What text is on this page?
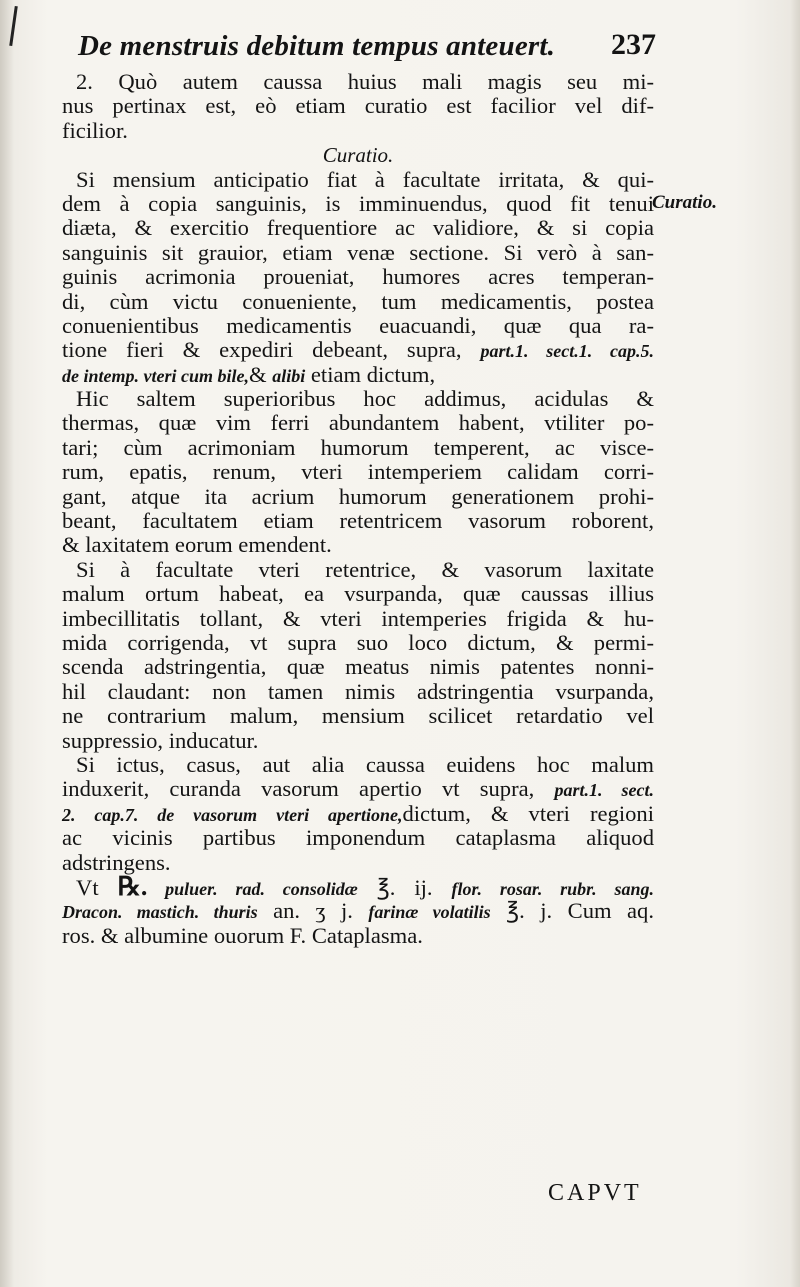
De menstruis debitum tempus anteuert. 237
Curatio.
2. Quò autem caussa huius mali magis seu mi-
nus pertinax est, eò etiam curatio est facilior vel dif-
ficilior.
Curatio.
Si mensium anticipatio fiat à facultate irritata, & qui-
dem à copia sanguinis, is imminuendus, quod fit tenui
diæta, & exercitio frequentiore ac validiore, & si copia
sanguinis sit grauior, etiam venæ sectione. Si verò à san-
guinis acrimonia proueniat, humores acres temperan-
di, cùm victu conueniente, tum medicamentis, postea
conuenientibus medicamentis euacuandi, quæ qua ra-
tione fieri & expediri debeant, supra, part.1. sect.1. cap.5.
de intemp. vteri cum bile,& alibi etiam dictum,
Hic saltem superioribus hoc addimus, acidulas &
thermas, quæ vim ferri abundantem habent, vtiliter po-
tari; cùm acrimoniam humorum temperent, ac visce-
rum, epatis, renum, vteri intemperiem calidam corri-
gant, atque ita acrium humorum generationem prohi-
beant, facultatem etiam retentricem vasorum roborent,
& laxitatem eorum emendent.
Si à facultate vteri retentrice, & vasorum laxitate
malum ortum habeat, ea vsurpanda, quæ caussas illius
imbecillitatis tollant, & vteri intemperies frigida & hu-
mida corrigenda, vt supra suo loco dictum, & permi-
scenda adstringentia, quæ meatus nimis patentes nonni-
hil claudant: non tamen nimis adstringentia vsurpanda,
ne contrarium malum, mensium scilicet retardatio vel
suppressio, inducatur.
Si ictus, casus, aut alia caussa euidens hoc malum
induxerit, curanda vasorum apertio vt supra, part.1. sect.
2. cap.7. de vasorum vteri apertione,dictum, & vteri regioni
ac vicinis partibus imponendum cataplasma aliquod
adstringens.
Vt ℞. puluer. rad. consolidæ ℥. ij. flor. rosar. rubr. sang.
Dracon. mastich. thuris an. ʒ j. farinæ volatilis ℥. j. Cum aq.
ros. & albumine ouorum F. Cataplasma.
CAPVT
